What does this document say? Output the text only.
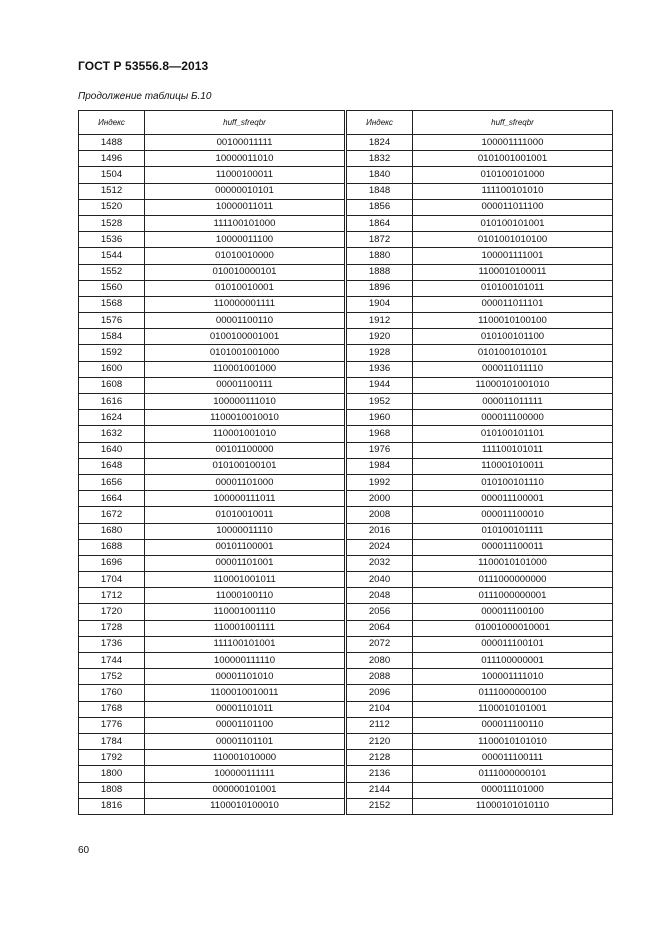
ГОСТ Р 53556.8—2013
Продолжение таблицы Б.10
Индекс	huff_sfreqbr
1488	00100011111
1496	10000011010
1504	11000100011
1512	00000010101
1520	10000011011
1528	111100101000
1536	10000011100
1544	01010010000
1552	010010000101
1560	01010010001
1568	110000001111
1576	00001100110
1584	0100100001001
1592	0101001001000
1600	110001001000
1608	00001100111
1616	100000111010
1624	1100010010010
1632	110001001010
1640	00101100000
1648	010100100101
1656	00001101000
1664	100000111011
1672	01010010011
1680	10000011110
1688	00101100001
1696	00001101001
1704	110001001011
1712	11000100110
1720	110001001110
1728	110001001111
1736	111100101001
1744	100000111110
1752	00001101010
1760	1100010010011
1768	00001101011
1776	00001101100
1784	00001101101
1792	110001010000
1800	100000111111
1808	000000101001
1816	1100010100010
Индекс	huff_sfreqbr
1824	100001111000
1832	0101001001001
1840	010100101000
1848	111100101010
1856	000011011100
1864	010100101001
1872	0101001010100
1880	100001111001
1888	1100010100011
1896	010100101011
1904	000011011101
1912	1100010100100
1920	010100101100
1928	0101001010101
1936	000011011110
1944	11000101001010
1952	000011011111
1960	000011100000
1968	010100101101
1976	111100101011
1984	110001010011
1992	010100101110
2000	000011100001
2008	000011100010
2016	010100101111
2024	000011100011
2032	1100010101000
2040	0111000000000
2048	0111000000001
2056	000011100100
2064	01001000010001
2072	000011100101
2080	011100000001
2088	100001111010
2096	0111000000100
2104	1100010101001
2112	000011100110
2120	1100010101010
2128	000011100111
2136	0111000000101
2144	000011101000
2152	11000101010110
60
